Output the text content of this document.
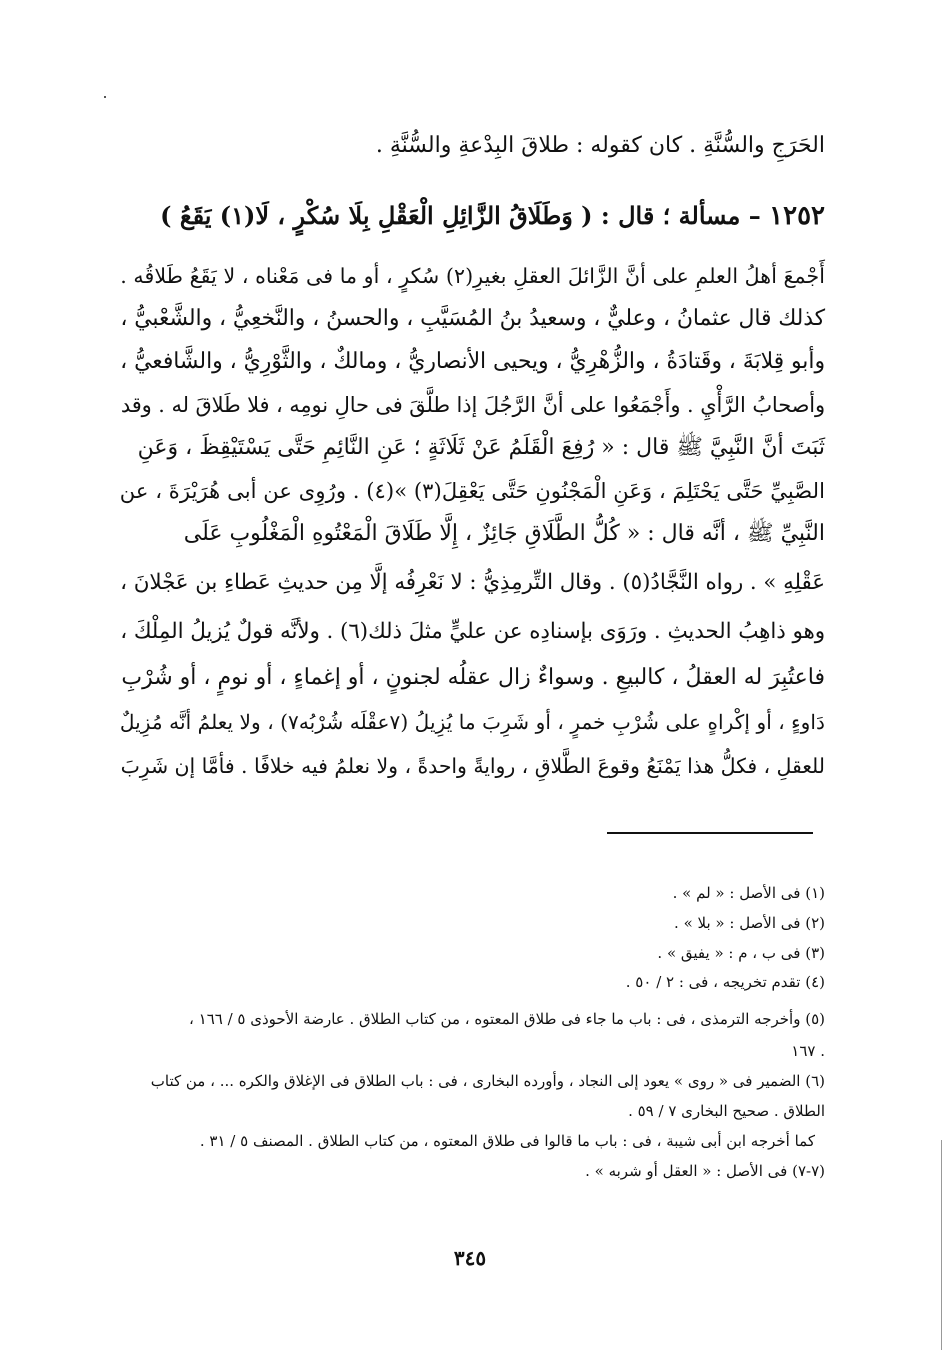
الحَرَجِ والسُّنَّةِ . كان كقوله : طلاقَ البِدْعةِ والسُّنَّةِ .
١٢٥٢ – مسألة ؛ قال : ( وَطَلَاقُ الزَّائِلِ الْعَقْلِ بِلَا سُكْرٍ ، لَا(١) يَقَعُ )
أَجْمعَ أهلُ العلمِ على أنَّ الزَّائلَ العقلِ بغيرِ(٢) سُكرٍ ، أو ما فى مَعْناه ، لا يَقَعُ طَلاقُه .
كذلك قال عثمانُ ، وعليٌّ ، وسعيدُ بنُ المُسَيَّبِ ، والحسنُ ، والنَّخعِيُّ ، والشَّعْبيُّ ،
وأبو قِلابَةَ ، وقَتادَةُ ، والزُّهْرِيُّ ، ويحيى الأنصاريُّ ، ومالكٌ ، والثَّوْرِيُّ ، والشَّافعيُّ ،
وأصحابُ الرَّأْيِ . وأَجْمَعُوا على أنَّ الرَّجُلَ إذا طلَّقَ فى حالِ نومِه ، فلا طَلاقَ له . وقد
ثَبَتَ أنَّ النَّبِيَّ ﷺ قال : « رُفِعَ الْقَلَمُ عَنْ ثَلَاثَةٍ ؛ عَنِ النَّائِمِ حَتَّى يَسْتَيْقِظَ ، وَعَنِ
الصَّبِيِّ حَتَّى يَحْتَلِمَ ، وَعَنِ الْمَجْنُونِ حَتَّى يَعْقِلَ(٣) »(٤) . ورُوِى عن أبى هُرَيْرَةَ ، عن
النَّبِيِّ ﷺ ، أنَّه قال : « كُلُّ الطَّلَاقِ جَائِزٌ ، إِلَّا طَلَاقَ الْمَعْتُوهِ الْمَغْلُوبِ عَلَى
عَقْلِهِ » . رواه النَّجَّادُ(٥) . وقال التِّرمِذِيُّ : لا نَعْرِفُه إلَّا مِن حديثِ عَطاءِ بن عَجْلانَ ،
وهو ذاهِبُ الحديثِ . ورَوَى بإسنادِه عن عليٍّ مثلَ ذلك(٦) . ولأنَّه قولٌ يُزيلُ المِلْكَ ،
فاعتُبِرَ له العقلُ ، كالبيعِ . وسواءٌ زال عقلُه لجنونٍ ، أو إغماءٍ ، أو نومٍ ، أو شُرْبِ
دَاوءٍ ، أو إكْراهٍ على شُرْبِ خمرٍ ، أو شَرِبَ ما يُزِيلُ (٧عقْلَه شُرْبُه٧) ، ولا يعلمُ أنَّه مُزِيلٌ
للعقلِ ، فكلُّ هذا يَمْنَعُ وقوعَ الطَّلاقِ ، روايةً واحدةً ، ولا نعلمُ فيه خلافًا . فأمَّا إن شَرِبَ
(١) فى الأصل : « لم » .
(٢) فى الأصل : « بلا » .
(٣) فى ب ، م : « يفيق » .
(٤) تقدم تخريجه ، فى : ٢ / ٥٠ .
(٥) وأخرجه الترمذى ، فى : باب ما جاء فى طلاق المعتوه ، من كتاب الطلاق . عارضة الأحوذى ٥ / ١٦٦ ،
. ١٦٧
(٦) الضمير فى « روى » يعود إلى النجاد ، وأورده البخارى ، فى : باب الطلاق فى الإغلاق والكره ... ، من كتاب
الطلاق . صحيح البخارى ٧ / ٥٩ .
كما أخرجه ابن أبى شيبة ، فى : باب ما قالوا فى طلاق المعتوه ، من كتاب الطلاق . المصنف ٥ / ٣١ .
(٧-٧) فى الأصل : « العقل أو شربه » .
٣٤٥
